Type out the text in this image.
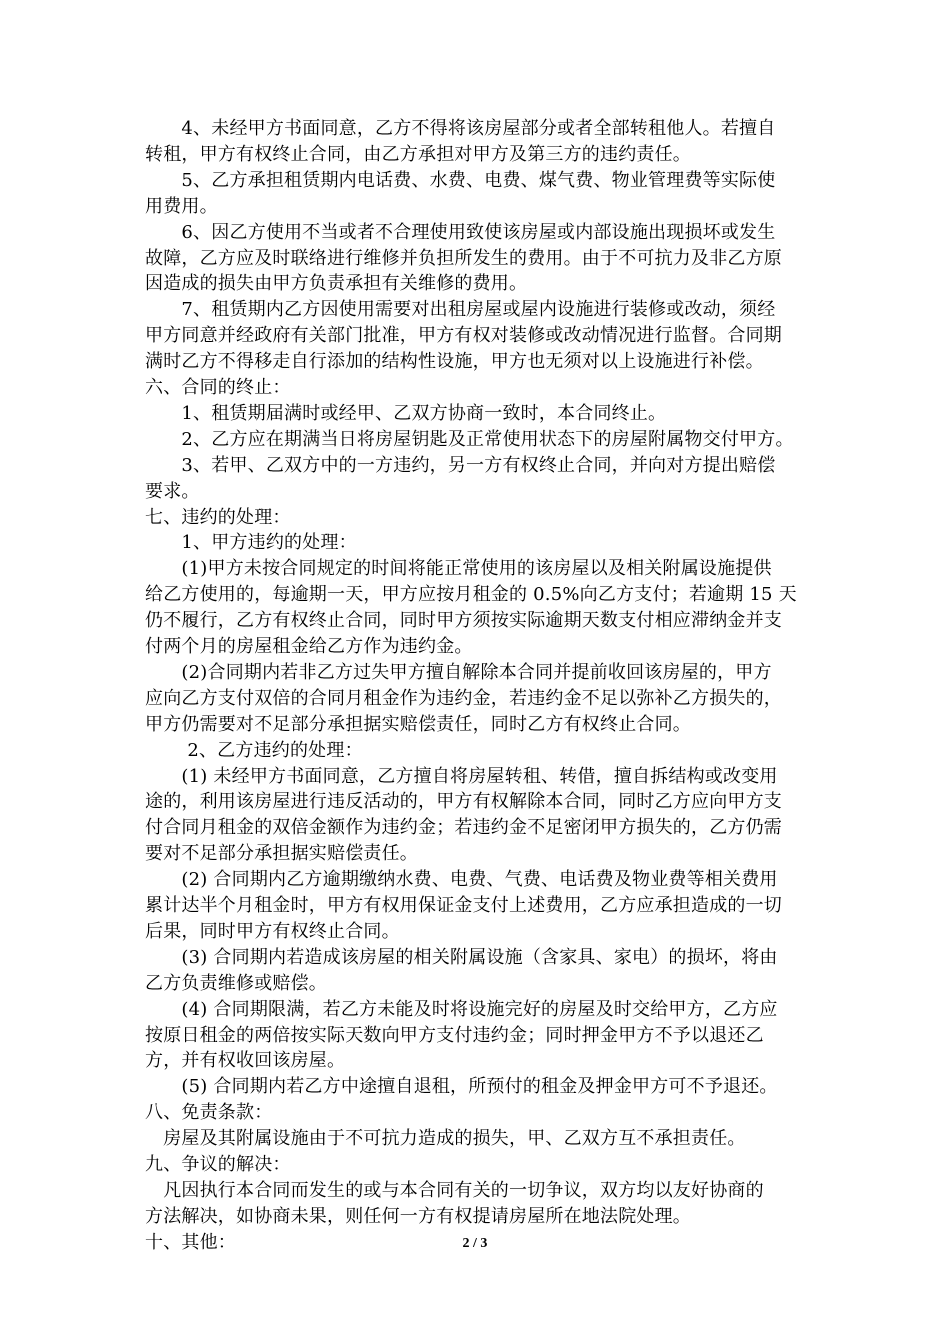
　　4、未经甲方书面同意，乙方不得将该房屋部分或者全部转租他人。若擅自
转租，甲方有权终止合同，由乙方承担对甲方及第三方的违约责任。
　　5、乙方承担租赁期内电话费、水费、电费、煤气费、物业管理费等实际使
用费用。
　　6、因乙方使用不当或者不合理使用致使该房屋或内部设施出现损坏或发生
故障，乙方应及时联络进行维修并负担所发生的费用。由于不可抗力及非乙方原
因造成的损失由甲方负责承担有关维修的费用。
　　7、租赁期内乙方因使用需要对出租房屋或屋内设施进行装修或改动，须经
甲方同意并经政府有关部门批准，甲方有权对装修或改动情况进行监督。合同期
满时乙方不得移走自行添加的结构性设施，甲方也无须对以上设施进行补偿。
六、合同的终止：
　　1、租赁期届满时或经甲、乙双方协商一致时，本合同终止。
　　2、乙方应在期满当日将房屋钥匙及正常使用状态下的房屋附属物交付甲方。
　　3、若甲、乙双方中的一方违约，另一方有权终止合同，并向对方提出赔偿
要求。
七、违约的处理：
　　1、甲方违约的处理：
　　(1)甲方未按合同规定的时间将能正常使用的该房屋以及相关附属设施提供
给乙方使用的，每逾期一天，甲方应按月租金的 0.5%向乙方支付；若逾期 15 天
仍不履行，乙方有权终止合同，同时甲方须按实际逾期天数支付相应滞纳金并支
付两个月的房屋租金给乙方作为违约金。
　　(2)合同期内若非乙方过失甲方擅自解除本合同并提前收回该房屋的，甲方
应向乙方支付双倍的合同月租金作为违约金，若违约金不足以弥补乙方损失的，
甲方仍需要对不足部分承担据实赔偿责任，同时乙方有权终止合同。
　　 2、乙方违约的处理：
　　(1) 未经甲方书面同意，乙方擅自将房屋转租、转借，擅自拆结构或改变用
途的，利用该房屋进行违反活动的，甲方有权解除本合同，同时乙方应向甲方支
付合同月租金的双倍金额作为违约金；若违约金不足密闭甲方损失的，乙方仍需
要对不足部分承担据实赔偿责任。
　　(2) 合同期内乙方逾期缴纳水费、电费、气费、电话费及物业费等相关费用
累计达半个月租金时，甲方有权用保证金支付上述费用，乙方应承担造成的一切
后果，同时甲方有权终止合同。
　　(3) 合同期内若造成该房屋的相关附属设施（含家具、家电）的损坏，将由
乙方负责维修或赔偿。
　　(4) 合同期限满，若乙方未能及时将设施完好的房屋及时交给甲方，乙方应
按原日租金的两倍按实际天数向甲方支付违约金；同时押金甲方不予以退还乙
方，并有权收回该房屋。
　　(5) 合同期内若乙方中途擅自退租，所预付的租金及押金甲方可不予退还。
八、免责条款：
　房屋及其附属设施由于不可抗力造成的损失，甲、乙双方互不承担责任。
九、争议的解决：
　凡因执行本合同而发生的或与本合同有关的一切争议，双方均以友好协商的
方法解决，如协商未果，则任何一方有权提请房屋所在地法院处理。
十、其他：	2 / 3
